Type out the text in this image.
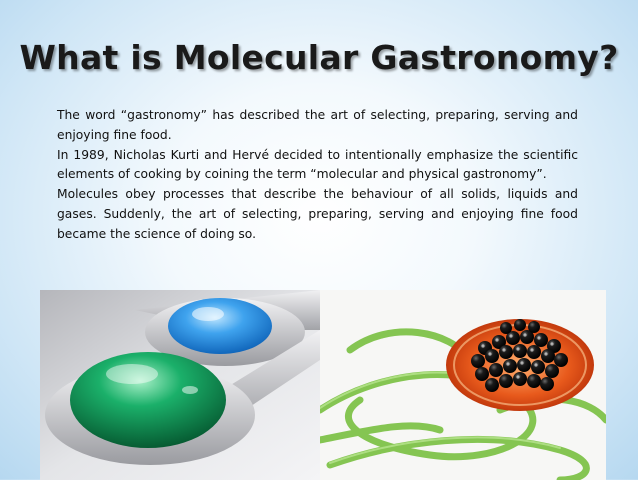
What is Molecular Gastronomy?

The word “gastronomy” has described the art of selecting, preparing, serving and enjoying fine food.

In 1989, Nicholas Kurti and Hervé decided to intentionally emphasize the scientific elements of cooking by coining the term “molecular and physical gastronomy”.

Molecules obey processes that describe the behaviour of all solids, liquids and gases. Suddenly, the art of selecting, preparing, serving and enjoying fine food became the science of doing so.
